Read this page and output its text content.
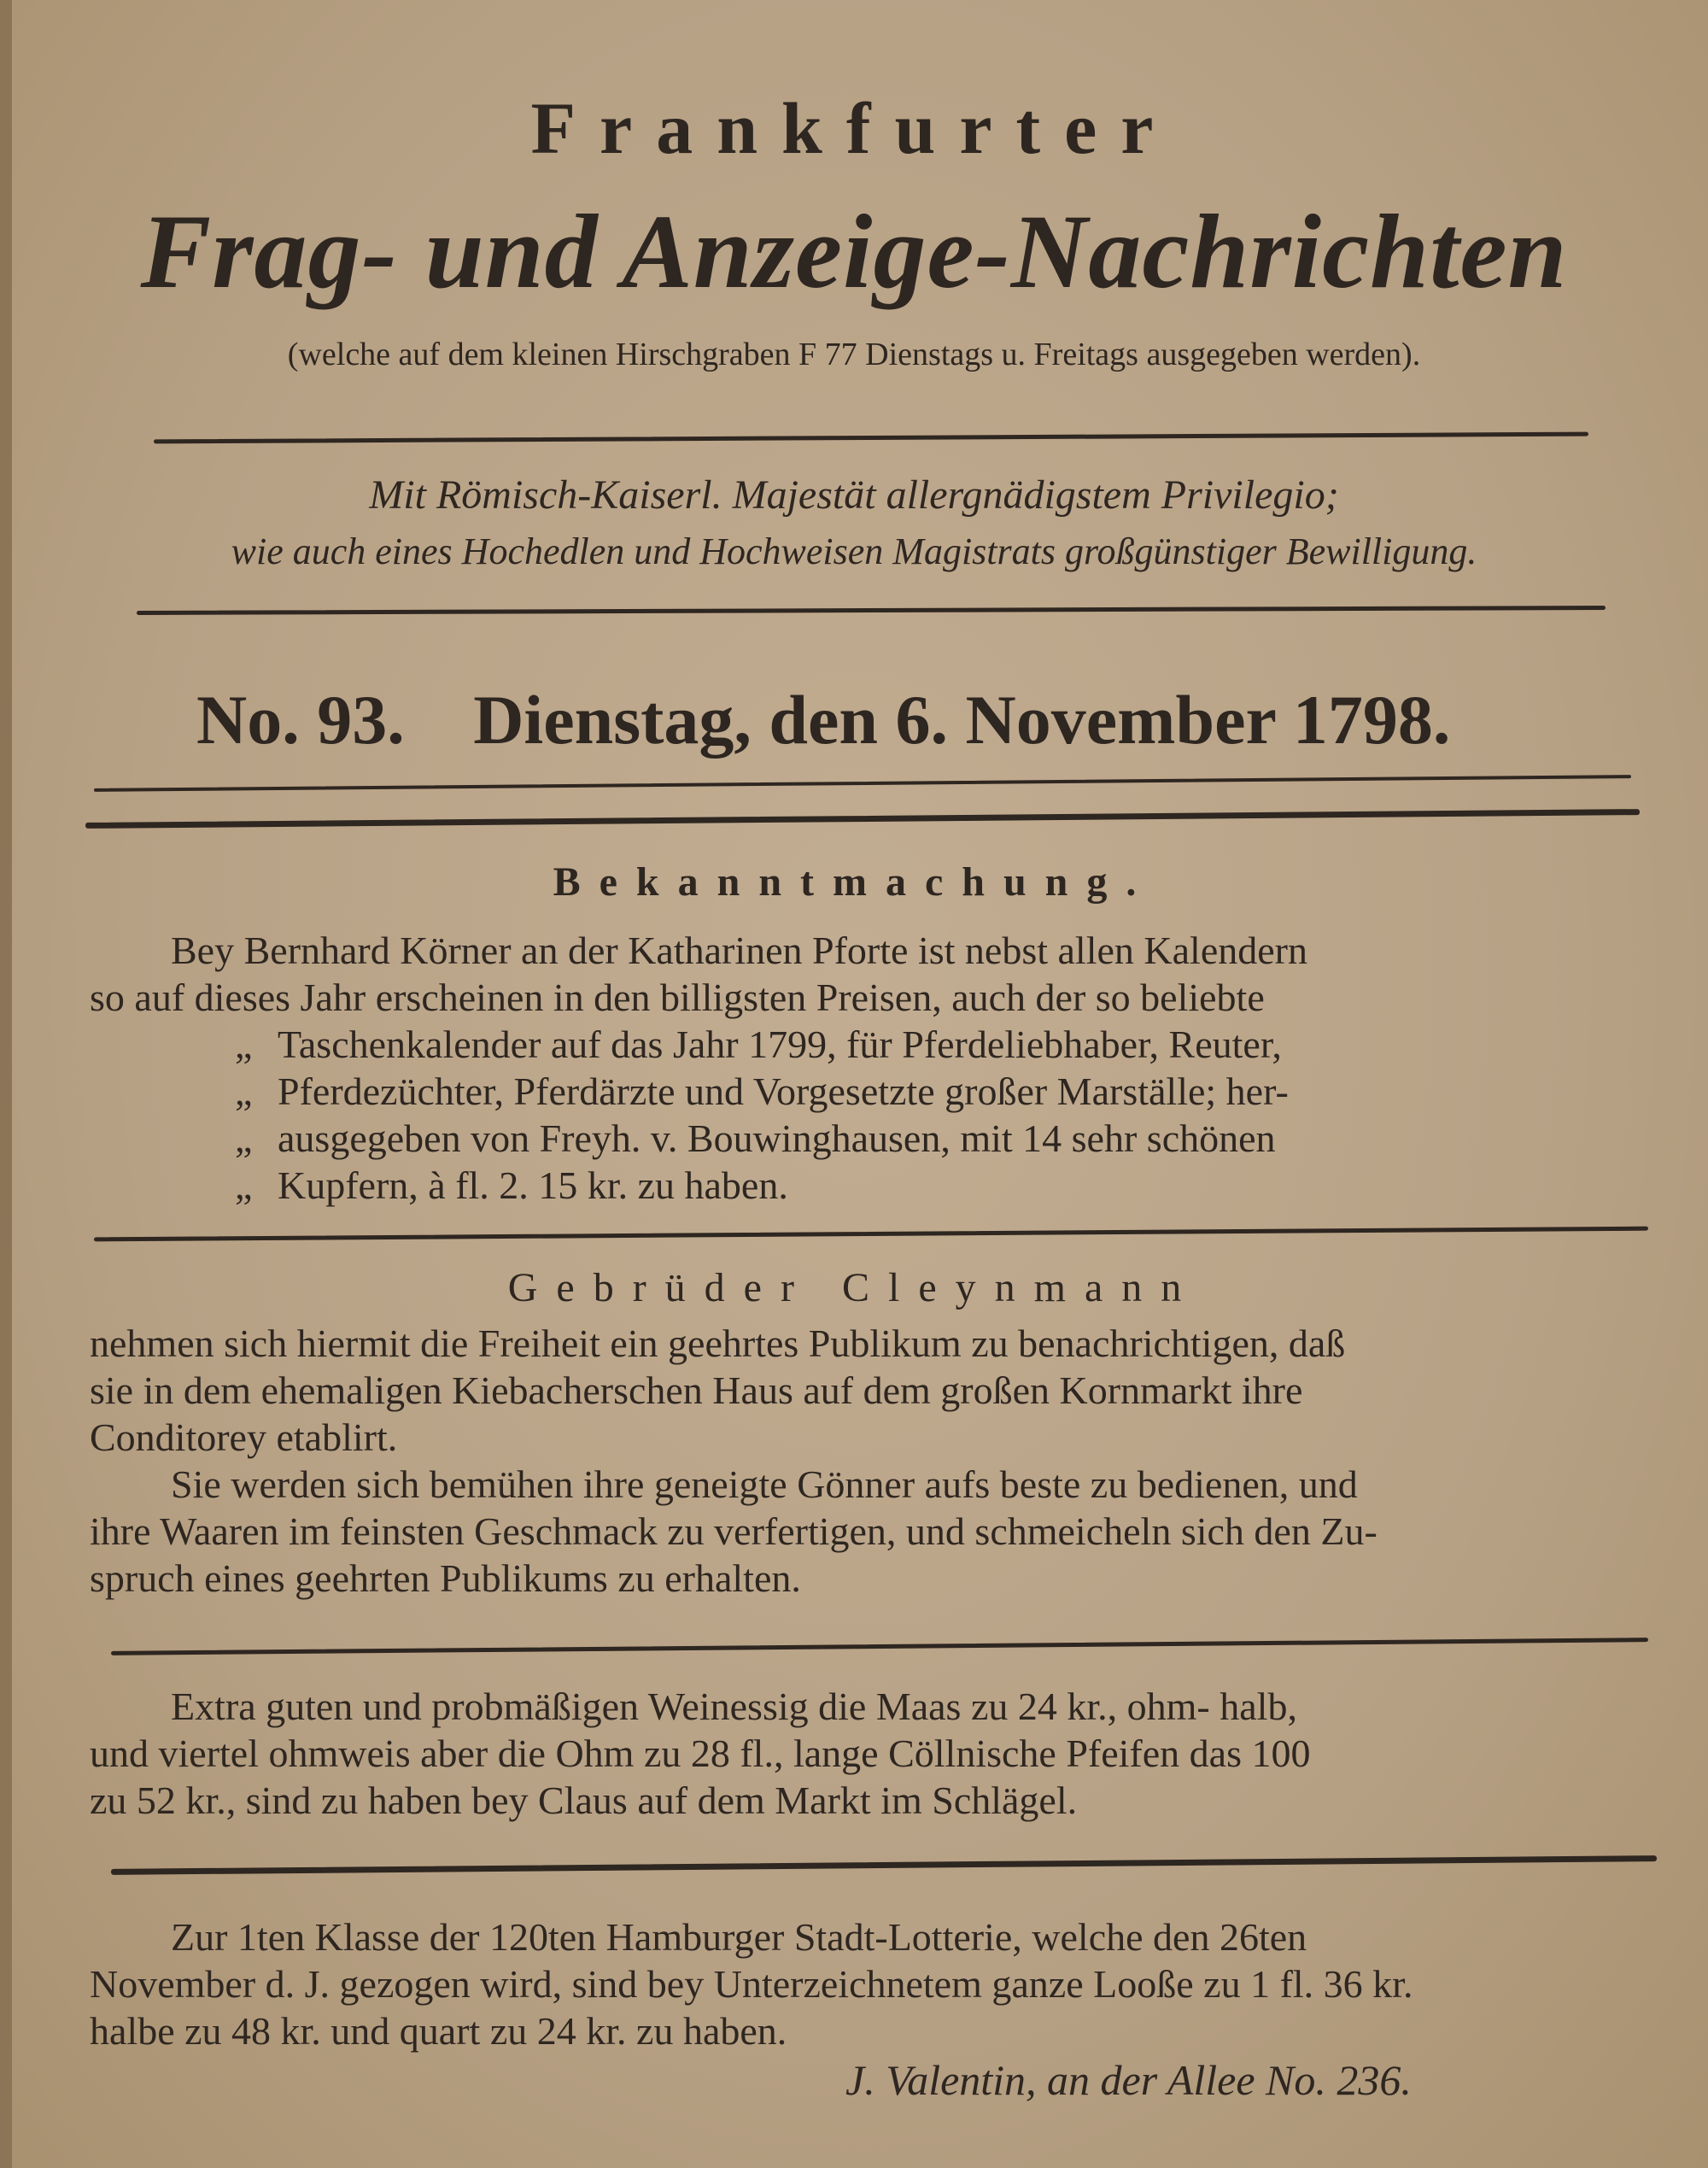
Frankfurter
Frag- und Anzeige-Nachrichten
(welche auf dem kleinen Hirschgraben F 77 Dienstags u. Freitags ausgegeben werden).
Mit Römisch-Kaiserl. Majestät allergnädigstem Privilegio;
wie auch eines Hochedlen und Hochweisen Magistrats großgünstiger Bewilligung.
No. 93. Dienstag, den 6. November 1798.
Bekanntmachung.

Bey Bernhard Körner an der Katharinen Pforte ist nebst allen Kalendern

so auf dieses Jahr erscheinen in den billigsten Preisen, auch der so beliebte

„ Taschenkalender auf das Jahr 1799, für Pferdeliebhaber, Reuter,

„ Pferdezüchter, Pferdärzte und Vorgesetzte großer Marställe; her-

„ ausgegeben von Freyh. v. Bouwinghausen, mit 14 sehr schönen

„ Kupfern, à fl. 2. 15 kr. zu haben.

Gebrüder Cleynmann

nehmen sich hiermit die Freiheit ein geehrtes Publikum zu benachrichtigen, daß

sie in dem ehemaligen Kiebacherschen Haus auf dem großen Kornmarkt ihre

Conditorey etablirt.

Sie werden sich bemühen ihre geneigte Gönner aufs beste zu bedienen, und

ihre Waaren im feinsten Geschmack zu verfertigen, und schmeicheln sich den Zu-

spruch eines geehrten Publikums zu erhalten.

Extra guten und probmäßigen Weinessig die Maas zu 24 kr., ohm- halb,

und viertel ohmweis aber die Ohm zu 28 fl., lange Cöllnische Pfeifen das 100

zu 52 kr., sind zu haben bey Claus auf dem Markt im Schlägel.

Zur 1ten Klasse der 120ten Hamburger Stadt-Lotterie, welche den 26ten

November d. J. gezogen wird, sind bey Unterzeichnetem ganze Looße zu 1 fl. 36 kr.

halbe zu 48 kr. und quart zu 24 kr. zu haben.

J. Valentin, an der Allee No. 236.
